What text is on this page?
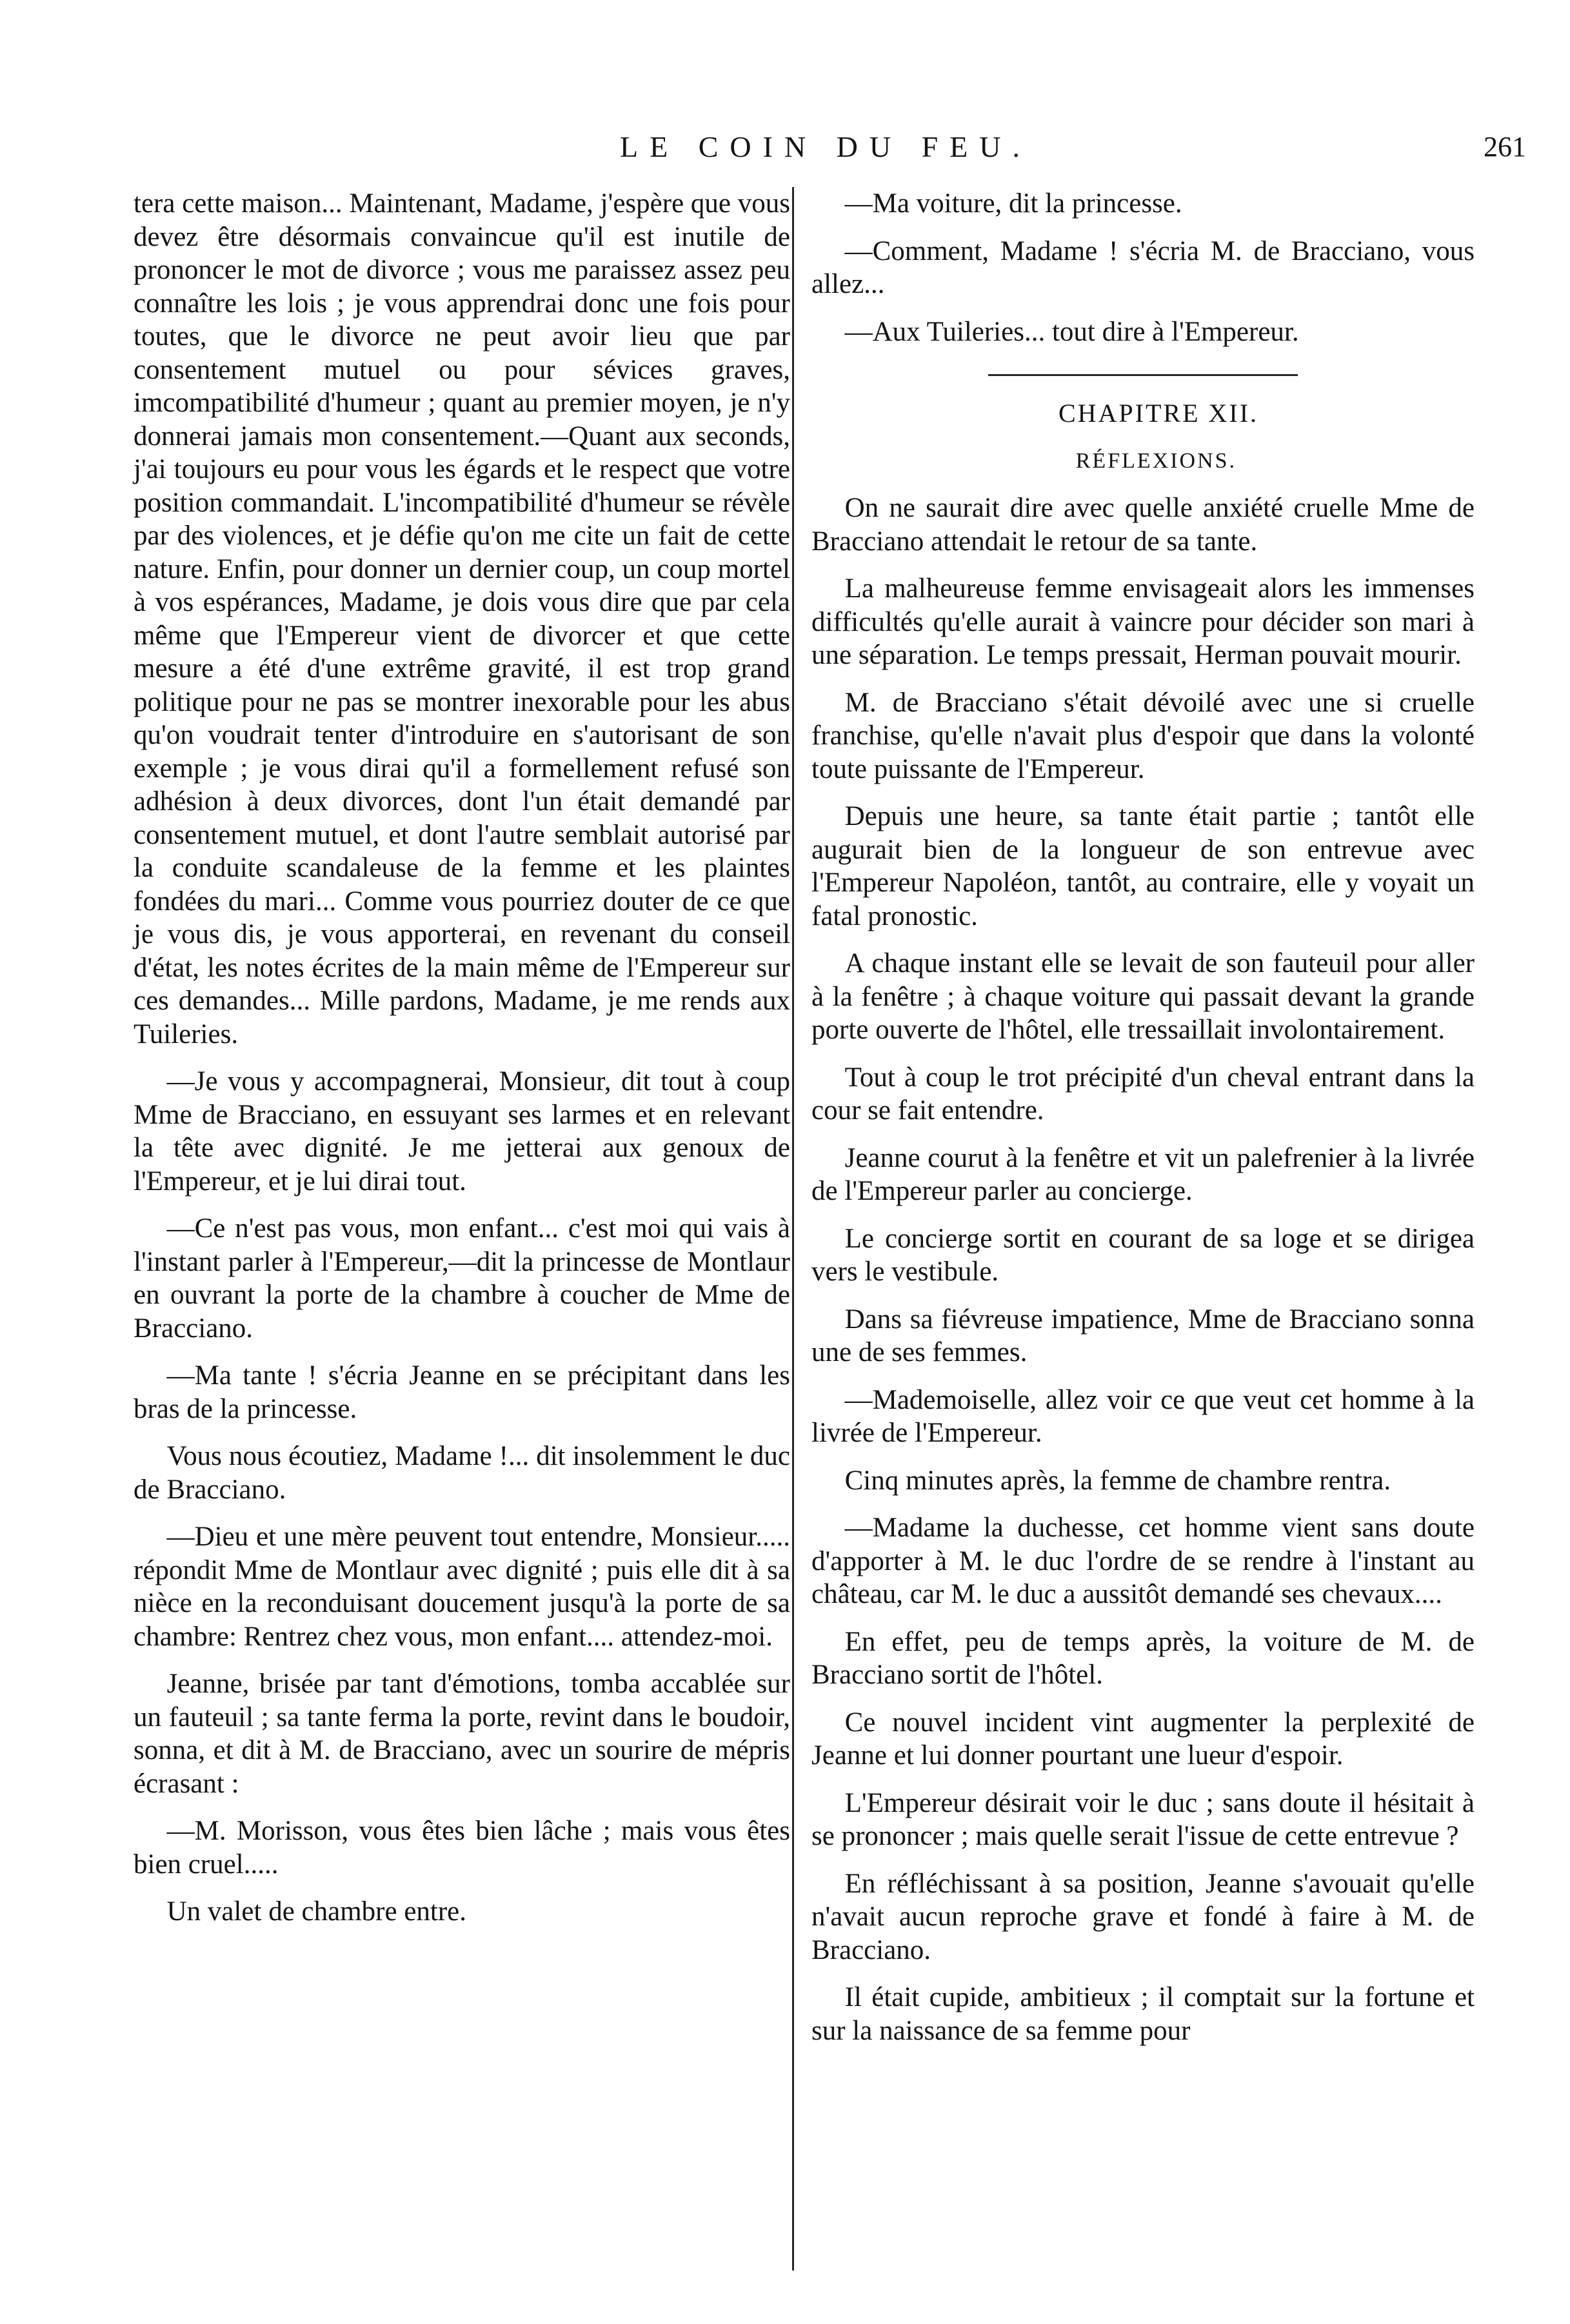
LE COIN DU FEU.	261

tera cette maison... Maintenant, Madame, j'espère que vous devez être désormais convaincue qu'il est inutile de prononcer le mot de divorce ; vous me paraissez assez peu connaître les lois ; je vous apprendrai donc une fois pour toutes, que le divorce ne peut avoir lieu que par consentement mutuel ou pour sévices graves, imcompatibilité d'humeur ; quant au premier moyen, je n'y donnerai jamais mon consentement.—Quant aux seconds, j'ai toujours eu pour vous les égards et le respect que votre position commandait. L'incompatibilité d'humeur se révèle par des violences, et je défie qu'on me cite un fait de cette nature. Enfin, pour donner un dernier coup, un coup mortel à vos espérances, Madame, je dois vous dire que par cela même que l'Empereur vient de divorcer et que cette mesure a été d'une extrême gravité, il est trop grand politique pour ne pas se montrer inexorable pour les abus qu'on voudrait tenter d'introduire en s'autorisant de son exemple ; je vous dirai qu'il a formellement refusé son adhésion à deux divorces, dont l'un était demandé par consentement mutuel, et dont l'autre semblait autorisé par la conduite scandaleuse de la femme et les plaintes fondées du mari... Comme vous pourriez douter de ce que je vous dis, je vous apporterai, en revenant du conseil d'état, les notes écrites de la main même de l'Empereur sur ces demandes... Mille pardons, Madame, je me rends aux Tuileries.

—Je vous y accompagnerai, Monsieur, dit tout à coup Mme de Bracciano, en essuyant ses larmes et en relevant la tête avec dignité. Je me jetterai aux genoux de l'Empereur, et je lui dirai tout.

—Ce n'est pas vous, mon enfant... c'est moi qui vais à l'instant parler à l'Empereur,—dit la princesse de Montlaur en ouvrant la porte de la chambre à coucher de Mme de Bracciano.

—Ma tante ! s'écria Jeanne en se précipitant dans les bras de la princesse.

Vous nous écoutiez, Madame !... dit insolemment le duc de Bracciano.

—Dieu et une mère peuvent tout entendre, Monsieur..... répondit Mme de Montlaur avec dignité ; puis elle dit à sa nièce en la reconduisant doucement jusqu'à la porte de sa chambre: Rentrez chez vous, mon enfant.... attendez-moi.

Jeanne, brisée par tant d'émotions, tomba accablée sur un fauteuil ; sa tante ferma la porte, revint dans le boudoir, sonna, et dit à M. de Bracciano, avec un sourire de mépris écrasant :

—M. Morisson, vous êtes bien lâche ; mais vous êtes bien cruel.....

Un valet de chambre entre.

—Ma voiture, dit la princesse.

—Comment, Madame ! s'écria M. de Bracciano, vous allez...

—Aux Tuileries... tout dire à l'Empereur.

CHAPITRE XII.

RÉFLEXIONS.

On ne saurait dire avec quelle anxiété cruelle Mme de Bracciano attendait le retour de sa tante.

La malheureuse femme envisageait alors les immenses difficultés qu'elle aurait à vaincre pour décider son mari à une séparation. Le temps pressait, Herman pouvait mourir.

M. de Bracciano s'était dévoilé avec une si cruelle franchise, qu'elle n'avait plus d'espoir que dans la volonté toute puissante de l'Empereur.

Depuis une heure, sa tante était partie ; tantôt elle augurait bien de la longueur de son entrevue avec l'Empereur Napoléon, tantôt, au contraire, elle y voyait un fatal pronostic.

A chaque instant elle se levait de son fauteuil pour aller à la fenêtre ; à chaque voiture qui passait devant la grande porte ouverte de l'hôtel, elle tressaillait involontairement.

Tout à coup le trot précipité d'un cheval entrant dans la cour se fait entendre.

Jeanne courut à la fenêtre et vit un palefrenier à la livrée de l'Empereur parler au concierge.

Le concierge sortit en courant de sa loge et se dirigea vers le vestibule.

Dans sa fiévreuse impatience, Mme de Bracciano sonna une de ses femmes.

—Mademoiselle, allez voir ce que veut cet homme à la livrée de l'Empereur.

Cinq minutes après, la femme de chambre rentra.

—Madame la duchesse, cet homme vient sans doute d'apporter à M. le duc l'ordre de se rendre à l'instant au château, car M. le duc a aussitôt demandé ses chevaux....

En effet, peu de temps après, la voiture de M. de Bracciano sortit de l'hôtel.

Ce nouvel incident vint augmenter la perplexité de Jeanne et lui donner pourtant une lueur d'espoir.

L'Empereur désirait voir le duc ; sans doute il hésitait à se prononcer ; mais quelle serait l'issue de cette entrevue ?

En réfléchissant à sa position, Jeanne s'avouait qu'elle n'avait aucun reproche grave et fondé à faire à M. de Bracciano.

Il était cupide, ambitieux ; il comptait sur la fortune et sur la naissance de sa femme pour
